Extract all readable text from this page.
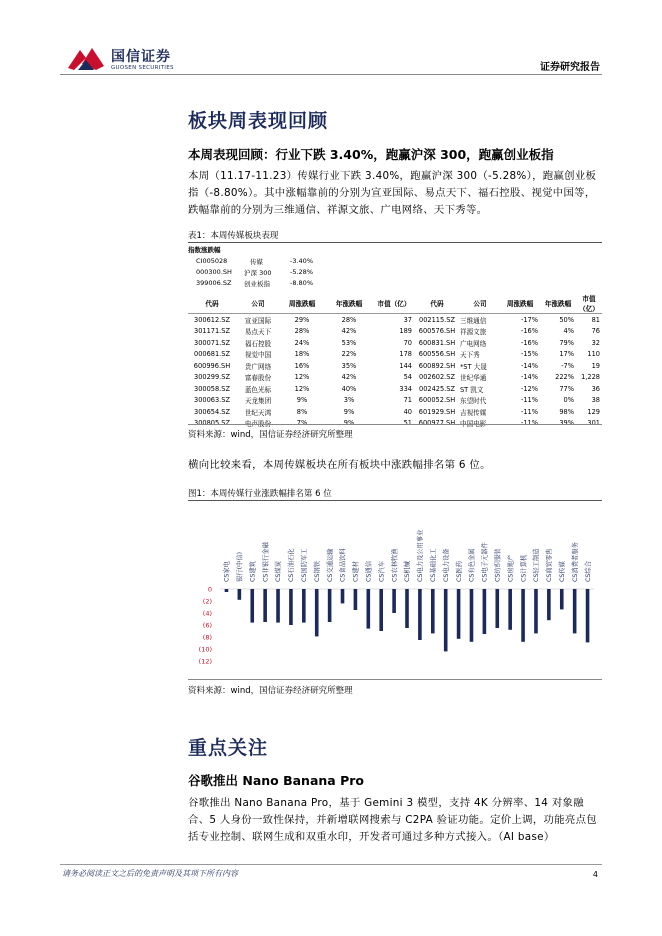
国信证券
GUOSEN SECURITIES	证券研究报告
板块周表现回顾
本周表现回顾：行业下跌 3.40%，跑赢沪深 300，跑赢创业板指
本周（11.17-11.23）传媒行业下跌 3.40%，跑赢沪深 300（-5.28%），跑赢创业板指（-8.80%）。其中涨幅靠前的分别为宣亚国际、易点天下、福石控股、视觉中国等，跌幅靠前的分别为三维通信、祥源文旅、广电网络、天下秀等。
表1：本周传媒板块表现
指数涨跌幅
CI005028	传媒	-3.40%
000300.SH 沪深 300	-5.28%
399006.SZ 创业板指	-8.80%
代码	公司	周涨跌幅	年涨跌幅	市值（亿）	代码	公司	周涨跌幅	年涨跌幅	市值（亿）
300612.SZ	宣亚国际	29%	28%	37	002115.SZ	三维通信	-17%	50%	81
301171.SZ	易点天下	28%	42%	189	600576.SH	祥源文旅	-16%	4%	76
300071.SZ	福石控股	24%	53%	70	600831.SH	广电网络	-16%	79%	32
000681.SZ	视觉中国	18%	22%	178	600556.SH	天下秀	-15%	17%	110
600996.SH	贵广网络	16%	35%	144	600892.SH	*ST 大晟	-14%	-7%	19
300299.SZ	富春股份	12%	42%	54	002602.SZ	世纪华通	-14%	222%	1,228
300058.SZ	蓝色光标	12%	40%	334	002425.SZ	ST 凯文	-12%	77%	36
300063.SZ	天龙集团	9%	3%	71	600052.SH	东望时代	-11%	0%	38
300654.SZ	世纪天鸿	8%	9%	40	601929.SH	吉视传媒	-11%	98%	129
300805.SZ	电声股份	7%	9%	51	600977.SH	中国电影	-11%	39%	301
资料来源：wind，国信证券经济研究所整理
横向比较来看，本周传媒板块在所有板块中涨跌幅排名第 6 位。
图1：本周传媒行业涨跌幅排名第 6 位
0
(2)
(4)
(6)
(8)
(10)
(12)
CS家电 银行(中信) CS建筑 CS非银行金融 CS煤炭 CS石油石化 CS国防军工 CS钢铁 CS交通运输 CS食品饮料 CS建材 CS通信 CS汽车 CS农林牧渔 CS机械 CS电力及公用事业 CS基础化工 CS电力设备 CS医药 CS有色金属 CS电子元器件 CS纺织服装 CS房地产 CS计算机 CS轻工制造 CS商贸零售 CS传媒 CS消费者服务 CS综合
资料来源：wind，国信证券经济研究所整理
重点关注
谷歌推出 Nano Banana Pro
谷歌推出 Nano Banana Pro，基于 Gemini 3 模型，支持 4K 分辨率、14 对象融合、5 人身份一致性保持，并新增联网搜索与 C2PA 验证功能。定价上调，功能亮点包括专业控制、联网生成和双重水印，开发者可通过多种方式接入。（AI base）
请务必阅读正文之后的免责声明及其项下所有内容	4
